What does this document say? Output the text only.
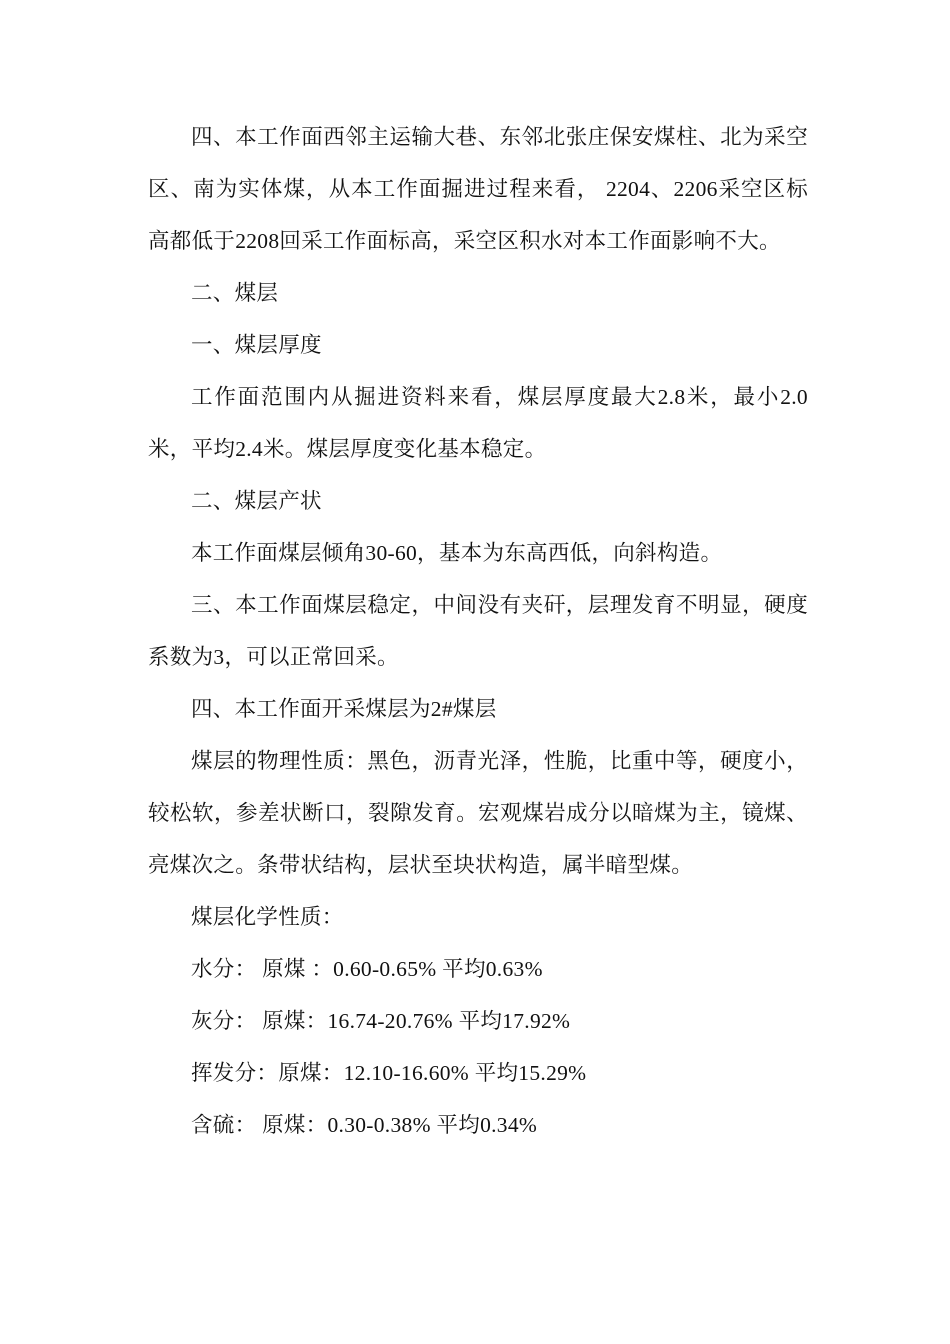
四、本工作面西邻主运输大巷、东邻北张庄保安煤柱、北为采空区、南为实体煤，从本工作面掘进过程来看， 2204、2206采空区标高都低于2208回采工作面标高，采空区积水对本工作面影响不大。

二、煤层

一、煤层厚度

工作面范围内从掘进资料来看，煤层厚度最大2.8米，最小2.0米，平均2.4米。煤层厚度变化基本稳定。

二、煤层产状

本工作面煤层倾角30-60，基本为东高西低，向斜构造。

三、本工作面煤层稳定，中间没有夹矸，层理发育不明显，硬度系数为3，可以正常回采。

四、本工作面开采煤层为2#煤层

煤层的物理性质：黑色，沥青光泽，性脆，比重中等，硬度小，较松软，参差状断口，裂隙发育。宏观煤岩成分以暗煤为主，镜煤、亮煤次之。条带状结构，层状至块状构造，属半暗型煤。

煤层化学性质：

水分： 原煤 ：0.60-0.65% 平均0.63%

灰分： 原煤：16.74-20.76% 平均17.92%

挥发分：原煤：12.10-16.60% 平均15.29%

含硫： 原煤：0.30-0.38% 平均0.34%
